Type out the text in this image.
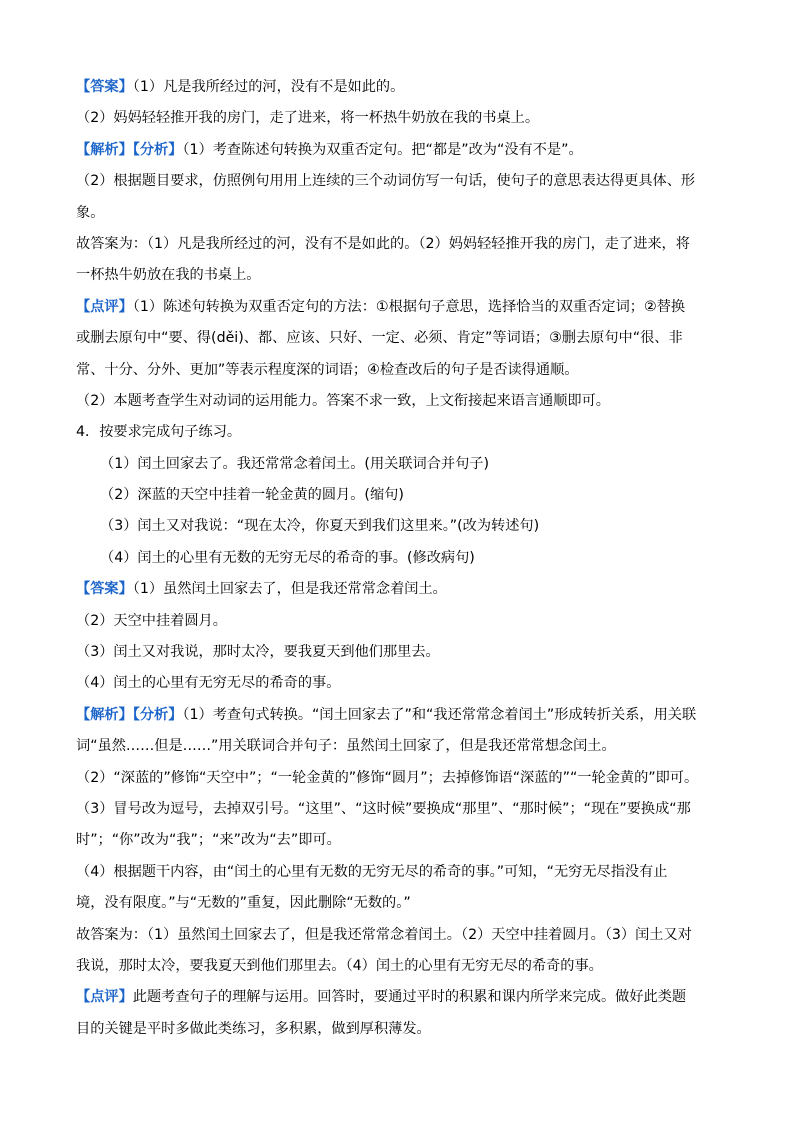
【答案】（1）凡是我所经过的河，没有不是如此的。
（2）妈妈轻轻推开我的房门，走了进来，将一杯热牛奶放在我的书桌上。
【解析】【分析】（1）考查陈述句转换为双重否定句。把“都是”改为“没有不是”。
（2）根据题目要求，仿照例句用用上连续的三个动词仿写一句话，使句子的意思表达得更具体、形
象。
故答案为：（1）凡是我所经过的河，没有不是如此的。（2）妈妈轻轻推开我的房门，走了进来，将
一杯热牛奶放在我的书桌上。
【点评】（1）陈述句转换为双重否定句的方法：①根据句子意思，选择恰当的双重否定词；②替换
或删去原句中“要、得(děi)、都、应该、只好、一定、必须、肯定”等词语；③删去原句中“很、非
常、十分、分外、更加”等表示程度深的词语；④检查改后的句子是否读得通顺。
（2）本题考查学生对动词的运用能力。答案不求一致，上文衔接起来语言通顺即可。
4．按要求完成句子练习。
（1）闰土回家去了。我还常常念着闰土。(用关联词合并句子)
（2）深蓝的天空中挂着一轮金黄的圆月。(缩句)
（3）闰土又对我说：“现在太冷，你夏天到我们这里来。”(改为转述句)
（4）闰土的心里有无数的无穷无尽的希奇的事。(修改病句)
【答案】（1）虽然闰土回家去了，但是我还常常念着闰土。
（2）天空中挂着圆月。
（3）闰土又对我说，那时太冷，要我夏天到他们那里去。
（4）闰土的心里有无穷无尽的希奇的事。
【解析】【分析】（1）考查句式转换。“闰土回家去了”和“我还常常念着闰土”形成转折关系，用关联
词“虽然……但是……”用关联词合并句子：虽然闰土回家了，但是我还常常想念闰土。
（2）“深蓝的”修饰“天空中”；“一轮金黄的”修饰“圆月”；去掉修饰语“深蓝的”“一轮金黄的”即可。
（3）冒号改为逗号，去掉双引号。“这里”、“这时候”要换成“那里”、“那时候”；“现在”要换成“那
时”；“你”改为“我”；“来”改为“去”即可。
（4）根据题干内容，由“闰土的心里有无数的无穷无尽的希奇的事。”可知，“无穷无尽指没有止
境，没有限度。”与“无数的”重复，因此删除“无数的。”
故答案为：（1）虽然闰土回家去了，但是我还常常念着闰土。（2）天空中挂着圆月。（3）闰土又对
我说，那时太冷，要我夏天到他们那里去。（4）闰土的心里有无穷无尽的希奇的事。
【点评】此题考查句子的理解与运用。回答时，要通过平时的积累和课内所学来完成。做好此类题
目的关键是平时多做此类练习，多积累，做到厚积薄发。
